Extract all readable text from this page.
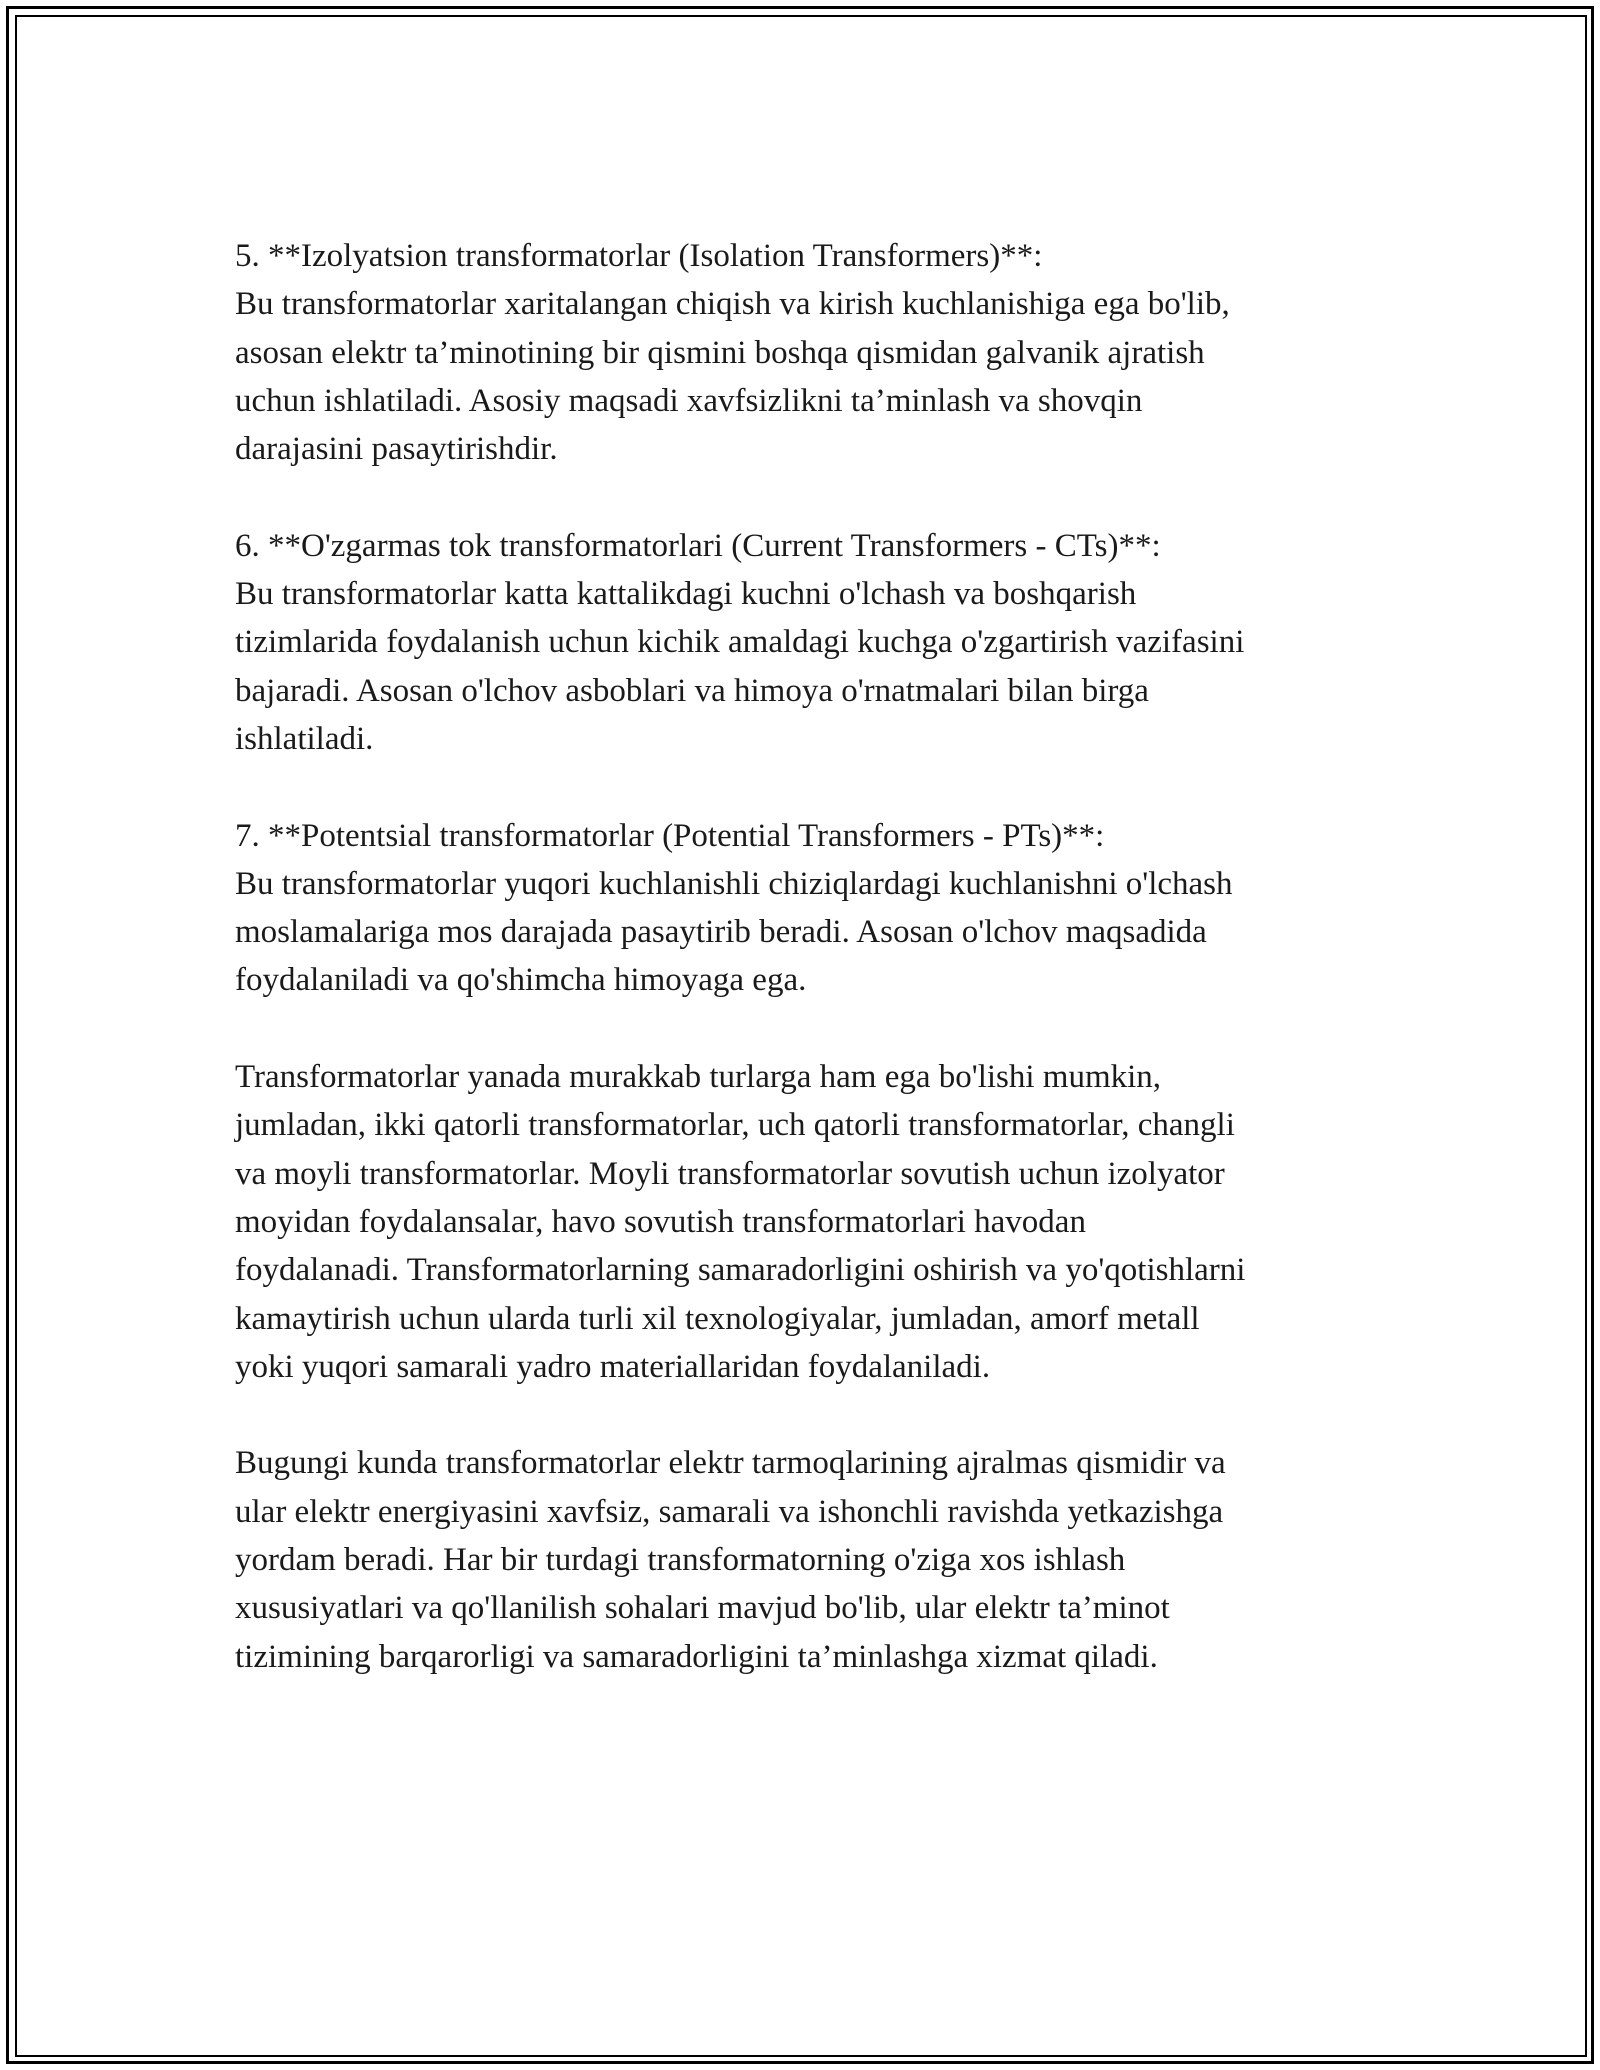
5. **Izolyatsion transformatorlar (Isolation Transformers)**:

Bu transformatorlar xaritalangan chiqish va kirish kuchlanishiga ega bo'lib,
asosan elektr ta’minotining bir qismini boshqa qismidan galvanik ajratish
uchun ishlatiladi. Asosiy maqsadi xavfsizlikni ta’minlash va shovqin
darajasini pasaytirishdir.

6. **O'zgarmas tok transformatorlari (Current Transformers - CTs)**:

Bu transformatorlar katta kattalikdagi kuchni o'lchash va boshqarish
tizimlarida foydalanish uchun kichik amaldagi kuchga o'zgartirish vazifasini
bajaradi. Asosan o'lchov asboblari va himoya o'rnatmalari bilan birga
ishlatiladi.

7. **Potentsial transformatorlar (Potential Transformers - PTs)**:

Bu transformatorlar yuqori kuchlanishli chiziqlardagi kuchlanishni o'lchash
moslamalariga mos darajada pasaytirib beradi. Asosan o'lchov maqsadida
foydalaniladi va qo'shimcha himoyaga ega.

Transformatorlar yanada murakkab turlarga ham ega bo'lishi mumkin,
jumladan, ikki qatorli transformatorlar, uch qatorli transformatorlar, changli
va moyli transformatorlar. Moyli transformatorlar sovutish uchun izolyator
moyidan foydalansalar, havo sovutish transformatorlari havodan
foydalanadi. Transformatorlarning samaradorligini oshirish va yo'qotishlarni
kamaytirish uchun ularda turli xil texnologiyalar, jumladan, amorf metall
yoki yuqori samarali yadro materiallaridan foydalaniladi.

Bugungi kunda transformatorlar elektr tarmoqlarining ajralmas qismidir va
ular elektr energiyasini xavfsiz, samarali va ishonchli ravishda yetkazishga
yordam beradi. Har bir turdagi transformatorning o'ziga xos ishlash
xususiyatlari va qo'llanilish sohalari mavjud bo'lib, ular elektr ta’minot
tizimining barqarorligi va samaradorligini ta’minlashga xizmat qiladi.
